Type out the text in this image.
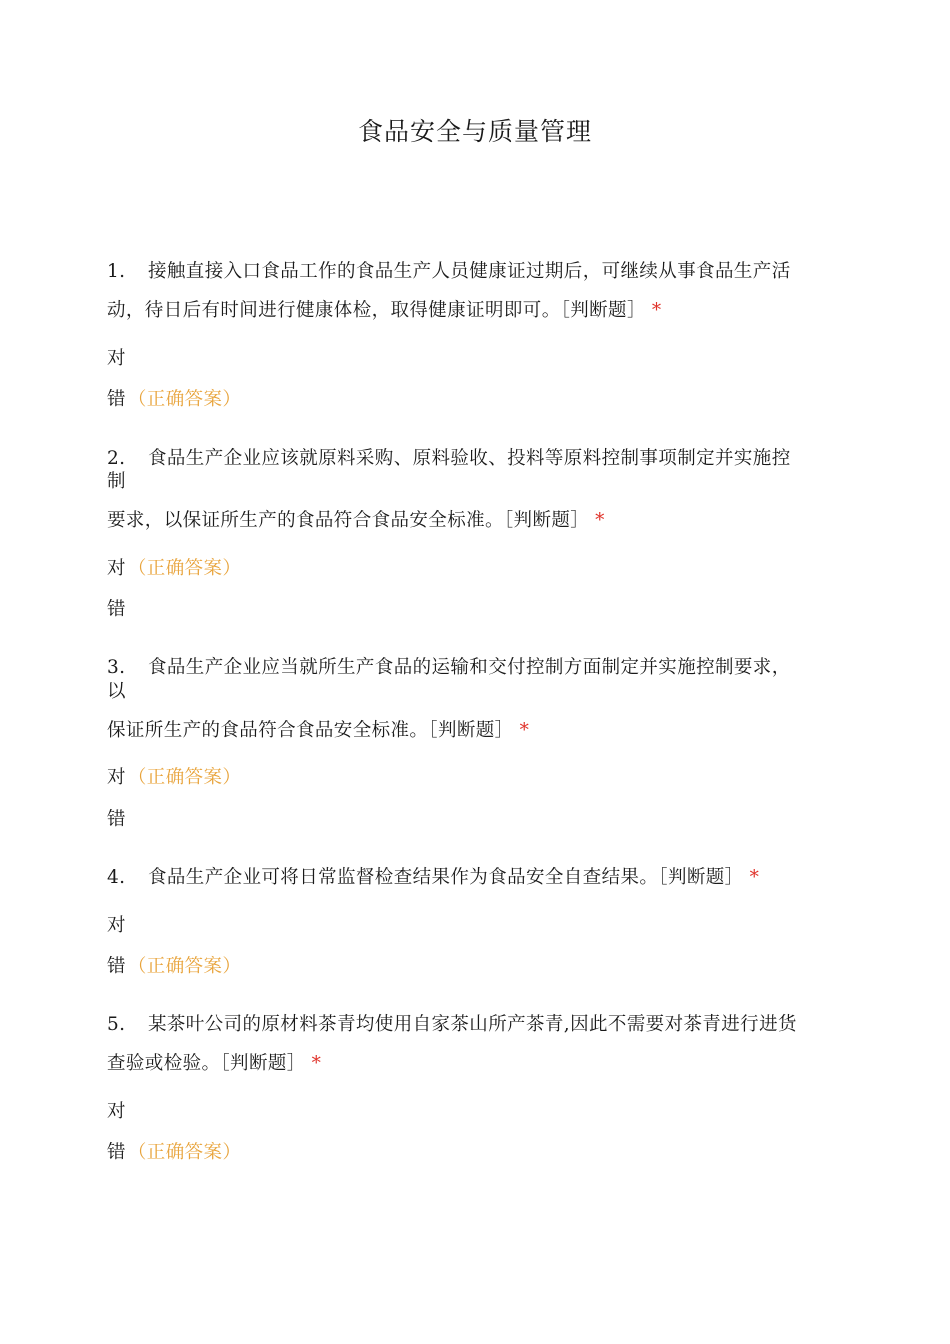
食品安全与质量管理
1. 接触直接入口食品工作的食品生产人员健康证过期后，可继续从事食品生产活
动，待日后有时间进行健康体检，取得健康证明即可。［判断题］ *
对
错 （正确答案）
2. 食品生产企业应该就原料采购、原料验收、投料等原料控制事项制定并实施控
制
要求，以保证所生产的食品符合食品安全标准。［判断题］ *
对 （正确答案）
错
3. 食品生产企业应当就所生产食品的运输和交付控制方面制定并实施控制要求，
以
保证所生产的食品符合食品安全标准。［判断题］ *
对 （正确答案）
错
4. 食品生产企业可将日常监督检查结果作为食品安全自查结果。［判断题］ *
对
错 （正确答案）
5. 某茶叶公司的原材料茶青均使用自家茶山所产茶青,因此不需要对茶青进行进货
查验或检验。［判断题］ *
对
错 （正确答案）
